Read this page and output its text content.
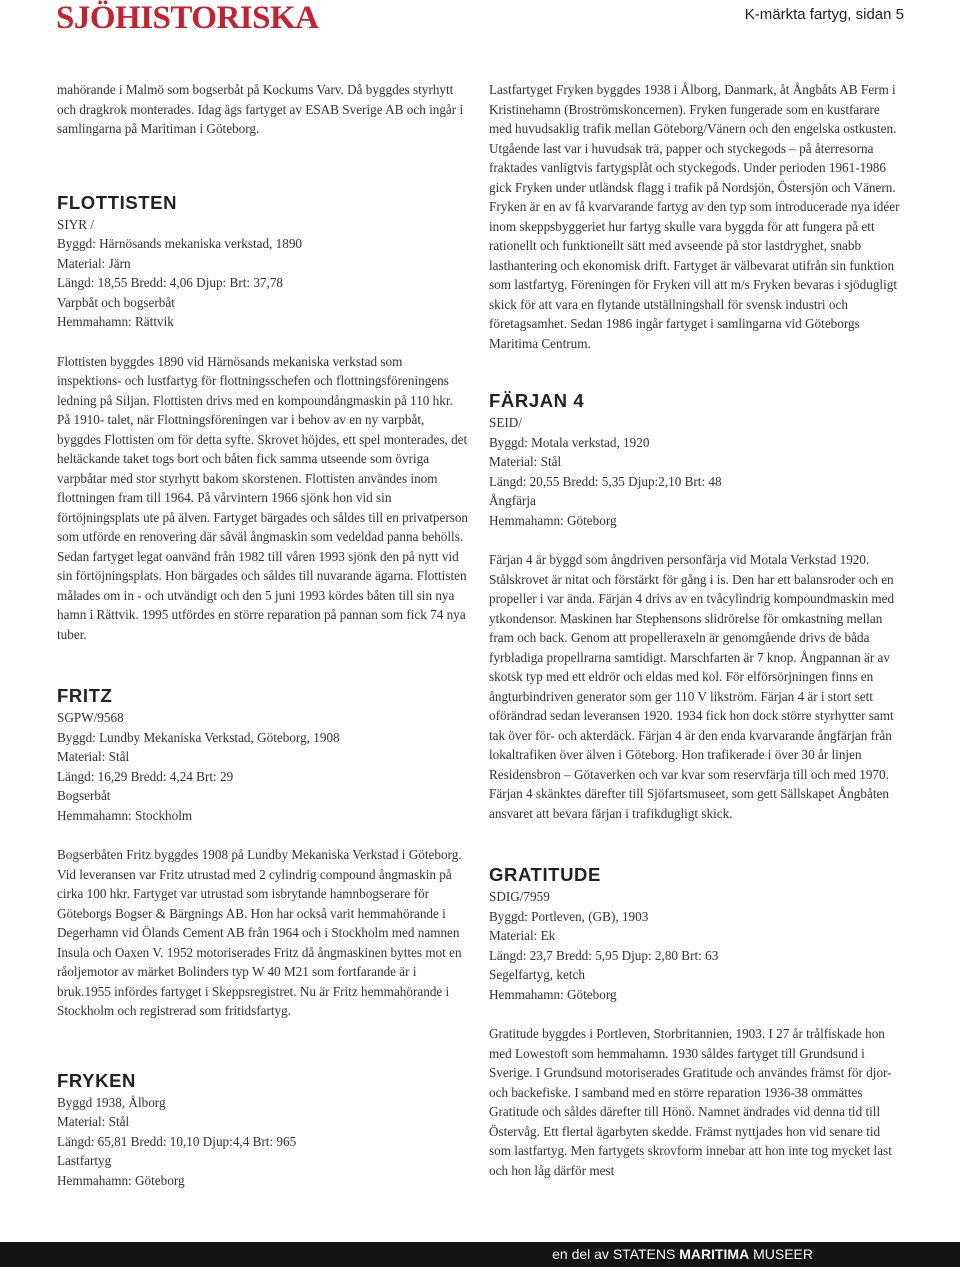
SJÖHISTORISKA	K-märkta fartyg, sidan 5

mahörande i Malmö som bogserbåt på Kockums Varv. Då byggdes styrhytt och dragkrok monterades. Idag ägs fartyget av ESAB Sverige AB och ingår i samlingarna på Maritiman i Göteborg.

FLOTTISTEN

SIYR /

Byggd: Härnösands mekaniska verkstad, 1890

Material: Järn

Längd: 18,55 Bredd: 4,06 Djup: Brt: 37,78

Varpbåt och bogserbåt

Hemmahamn: Rättvik

Flottisten byggdes 1890 vid Härnösands mekaniska verkstad som inspektions- och lustfartyg för flottningsschefen och flottningsföreningens ledning på Siljan. Flottisten drivs med en kompoundångmaskin på 110 hkr. På 1910- talet, när Flottningsföreningen var i behov av en ny varpbåt, byggdes Flottisten om för detta syfte. Skrovet höjdes, ett spel monterades, det heltäckande taket togs bort och båten fick samma utseende som övriga varpbåtar med stor styrhytt bakom skorstenen. Flottisten användes inom flottningen fram till 1964. På vårvintern 1966 sjönk hon vid sin förtöjningsplats ute på älven. Fartyget bärgades och såldes till en privatperson som utförde en renovering där såväl ångmaskin som vedeldad panna behölls. Sedan fartyget legat oanvänd från 1982 till våren 1993 sjönk den på nytt vid sin förtöjningsplats. Hon bärgades och såldes till nuvarande ägarna. Flottisten målades om in - och utvändigt och den 5 juni 1993 kördes båten till sin nya hamn i Rättvik. 1995 utfördes en större reparation på pannan som fick 74 nya tuber.

FRITZ

SGPW/9568

Byggd: Lundby Mekaniska Verkstad, Göteborg, 1908

Material: Stål

Längd: 16,29 Bredd: 4,24 Brt: 29

Bogserbåt

Hemmahamn: Stockholm

Bogserbåten Fritz byggdes 1908 på Lundby Mekaniska Verkstad i Göteborg. Vid leveransen var Fritz utrustad med 2 cylindrig compound ångmaskin på cirka 100 hkr. Fartyget var utrustad som isbrytande hamnbogserare för Göteborgs Bogser & Bärgnings AB. Hon har också varit hemmahörande i Degerhamn vid Ölands Cement AB från 1964 och i Stockholm med namnen Insula och Oaxen V. 1952 motoriserades Fritz då ångmaskinen byttes mot en råoljemotor av märket Bolinders typ W 40 M21 som fortfarande är i bruk.1955 infördes fartyget i Skeppsregistret. Nu är Fritz hemmahörande i Stockholm och registrerad som fritidsfartyg.

FRYKEN

Byggd 1938, Ålborg

Material: Stål

Längd: 65,81 Bredd: 10,10 Djup:4,4 Brt: 965

Lastfartyg

Hemmahamn: Göteborg

Lastfartyget Fryken byggdes 1938 i Ålborg, Danmark, åt Ångbåts AB Ferm i Kristinehamn (Broströmskoncernen). Fryken fungerade som en kustfarare med huvudsaklig trafik mellan Göteborg/Vänern och den engelska ostkusten. Utgående last var i huvudsak trä, papper och styckegods – på återresorna fraktades vanligtvis fartygsplåt och styckegods. Under perioden 1961-1986 gick Fryken under utländsk flagg i trafik på Nordsjön, Östersjön och Vänern. Fryken är en av få kvarvarande fartyg av den typ som introducerade nya idéer inom skeppsbyggeriet hur fartyg skulle vara byggda för att fungera på ett rationellt och funktionellt sätt med avseende på stor lastdryghet, snabb lasthantering och ekonomisk drift. Fartyget är välbevarat utifrån sin funktion som lastfartyg. Föreningen för Fryken vill att m/s Fryken bevaras i sjödugligt skick för att vara en flytande utställningshall för svensk industri och företagsamhet. Sedan 1986 ingår fartyget i samlingarna vid Göteborgs Maritima Centrum.

FÄRJAN 4

SEID/

Byggd: Motala verkstad, 1920

Material: Stål

Längd: 20,55 Bredd: 5,35 Djup:2,10 Brt: 48

Ångfärja

Hemmahamn: Göteborg

Färjan 4 är byggd som ångdriven personfärja vid Motala Verkstad 1920. Stålskrovet är nitat och förstärkt för gång i is. Den har ett balansroder och en propeller i var ända. Färjan 4 drivs av en tvåcylindrig kompoundmaskin med ytkondensor. Maskinen har Stephensons slidrörelse för omkastning mellan fram och back. Genom att propelleraxeln är genomgående drivs de båda fyrbladiga propellrarna samtidigt. Marschfarten är 7 knop. Ångpannan är av skotsk typ med ett eldrör och eldas med kol. För elförsörjningen finns en ångturbindriven generator som ger 110 V likström. Färjan 4 är i stort sett oförändrad sedan leveransen 1920. 1934 fick hon dock större styrhytter samt tak över för- och akterdäck. Färjan 4 är den enda kvarvarande ångfärjan från lokaltrafiken över älven i Göteborg. Hon trafikerade i över 30 år linjen Residensbron – Götaverken och var kvar som reservfärja till och med 1970. Färjan 4 skänktes därefter till Sjöfartsmuseet, som gett Sällskapet Ångbåten ansvaret att bevara färjan i trafikdugligt skick.

GRATITUDE

SDIG/7959

Byggd: Portleven, (GB), 1903

Material: Ek

Längd: 23,7 Bredd: 5,95 Djup: 2,80 Brt: 63

Segelfartyg, ketch

Hemmahamn: Göteborg

Gratitude byggdes i Portleven, Storbritannien, 1903. I 27 år trålfiskade hon med Lowestoft som hemmahamn. 1930 såldes fartyget till Grundsund i Sverige. I Grundsund motoriserades Gratitude och användes främst för djor- och backefiske. I samband med en större reparation 1936-38 ommättes Gratitude och såldes därefter till Hönö. Namnet ändrades vid denna tid till Östervåg. Ett flertal ägarbyten skedde. Främst nyttjades hon vid senare tid som lastfartyg. Men fartygets skrovform innebar att hon inte tog mycket last och hon låg därför mest

en del av STATENS MARITIMA MUSEER
